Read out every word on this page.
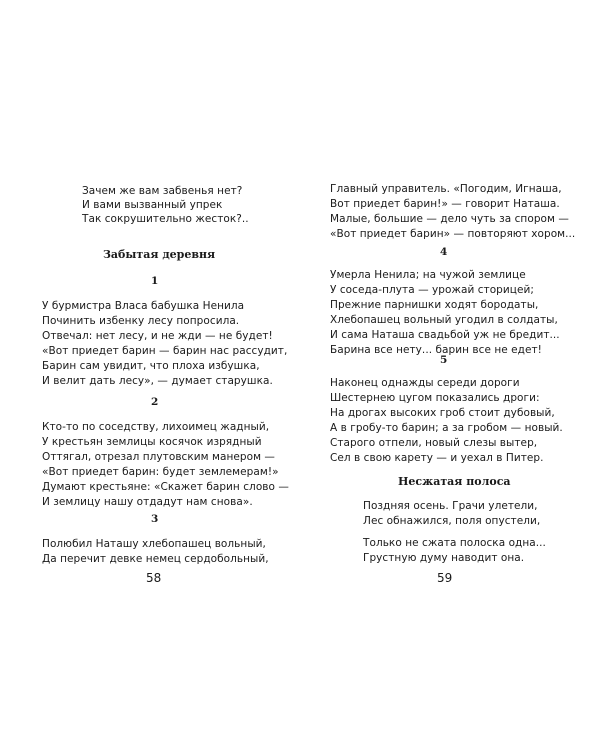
Зачем же вам забвенья нет?
И вами вызванный упрек
Так сокрушительно жесток?..
Забытая деревня
1
У бурмистра Власа бабушка Ненила
Починить избенку лесу попросила.
Отвечал: нет лесу, и не жди — не будет!
«Вот приедет барин — барин нас рассудит,
Барин сам увидит, что плоха избушка,
И велит дать лесу», — думает старушка.
2
Кто-то по соседству, лихоимец жадный,
У крестьян землицы косячок изрядный
Оттягал, отрезал плутовским манером —
«Вот приедет барин: будет землемерам!»
Думают крестьяне: «Скажет барин слово —
И землицу нашу отдадут нам снова».
3
Полюбил Наташу хлебопашец вольный,
Да перечит девке немец сердобольный,
58
Главный управитель. «Погодим, Игнаша,
Вот приедет барин!» — говорит Наташа.
Малые, большие — дело чуть за спором —
«Вот приедет барин» — повторяют хором...
4
Умерла Ненила; на чужой землице
У соседа-плута — урожай сторицей;
Прежние парнишки ходят бородаты,
Хлебопашец вольный угодил в солдаты,
И сама Наташа свадьбой уж не бредит...
Барина все нету... барин все не едет!
5
Наконец однажды середи дороги
Шестернею цугом показались дроги:
На дрогах высоких гроб стоит дубовый,
А в гробу-то барин; а за гробом — новый.
Старого отпели, новый слезы вытер,
Сел в свою карету — и уехал в Питер.
Несжатая полоса
Поздняя осень. Грачи улетели,
Лес обнажился, поля опустели,
Только не сжата полоска одна...
Грустную думу наводит она.
59
